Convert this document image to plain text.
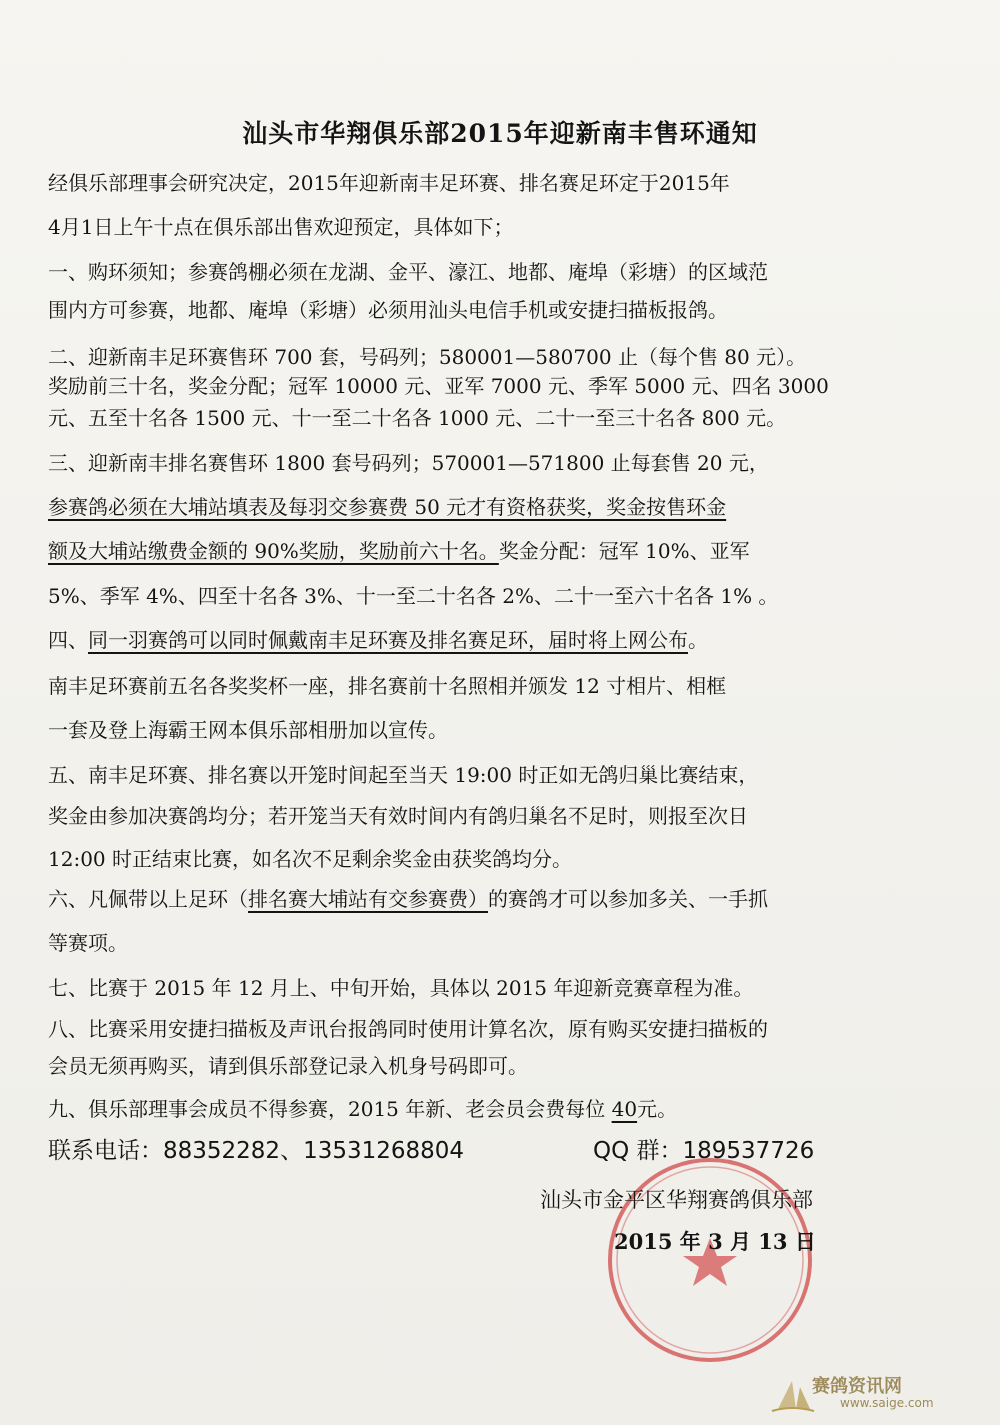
汕头市华翔俱乐部2015年迎新南丰售环通知
经俱乐部理事会研究决定，2015年迎新南丰足环赛、排名赛足环定于2015年
4月1日上午十点在俱乐部出售欢迎预定，具体如下；
一、购环须知；参赛鸽棚必须在龙湖、金平、濠江、地都、庵埠（彩塘）的区域范
围内方可参赛，地都、庵埠（彩塘）必须用汕头电信手机或安捷扫描板报鸽。
二、迎新南丰足环赛售环 700 套，号码列；580001—580700 止（每个售 80 元）。
奖励前三十名，奖金分配；冠军 10000 元、亚军 7000 元、季军 5000 元、四名 3000
元、五至十名各 1500 元、十一至二十名各 1000 元、二十一至三十名各 800 元。
三、迎新南丰排名赛售环 1800 套号码列；570001—571800 止每套售 20 元，
参赛鸽必须在大埔站填表及每羽交参赛费 50 元才有资格获奖，奖金按售环金
额及大埔站缴费金额的 90%奖励，奖励前六十名。奖金分配：冠军 10%、亚军
5%、季军 4%、四至十名各 3%、十一至二十名各 2%、二十一至六十名各 1% 。
四、同一羽赛鸽可以同时佩戴南丰足环赛及排名赛足环，届时将上网公布。
南丰足环赛前五名各奖奖杯一座，排名赛前十名照相并颁发 12 寸相片、相框
一套及登上海霸王网本俱乐部相册加以宣传。
五、南丰足环赛、排名赛以开笼时间起至当天 19:00 时正如无鸽归巢比赛结束，
奖金由参加决赛鸽均分；若开笼当天有效时间内有鸽归巢名不足时，则报至次日
12:00 时正结束比赛，如名次不足剩余奖金由获奖鸽均分。
六、凡佩带以上足环（排名赛大埔站有交参赛费）的赛鸽才可以参加多关、一手抓
等赛项。
七、比赛于 2015 年 12 月上、中旬开始，具体以 2015 年迎新竞赛章程为准。
八、比赛采用安捷扫描板及声讯台报鸽同时使用计算名次，原有购买安捷扫描板的
会员无须再购买，请到俱乐部登记录入机身号码即可。
九、俱乐部理事会成员不得参赛，2015 年新、老会员会费每位 40元。
联系电话：88352282、13531268804	QQ 群：189537726
汕头市金平区华翔赛鸽俱乐部
2015 年 3 月 13 日
赛鸽资讯网
www.saige.com
